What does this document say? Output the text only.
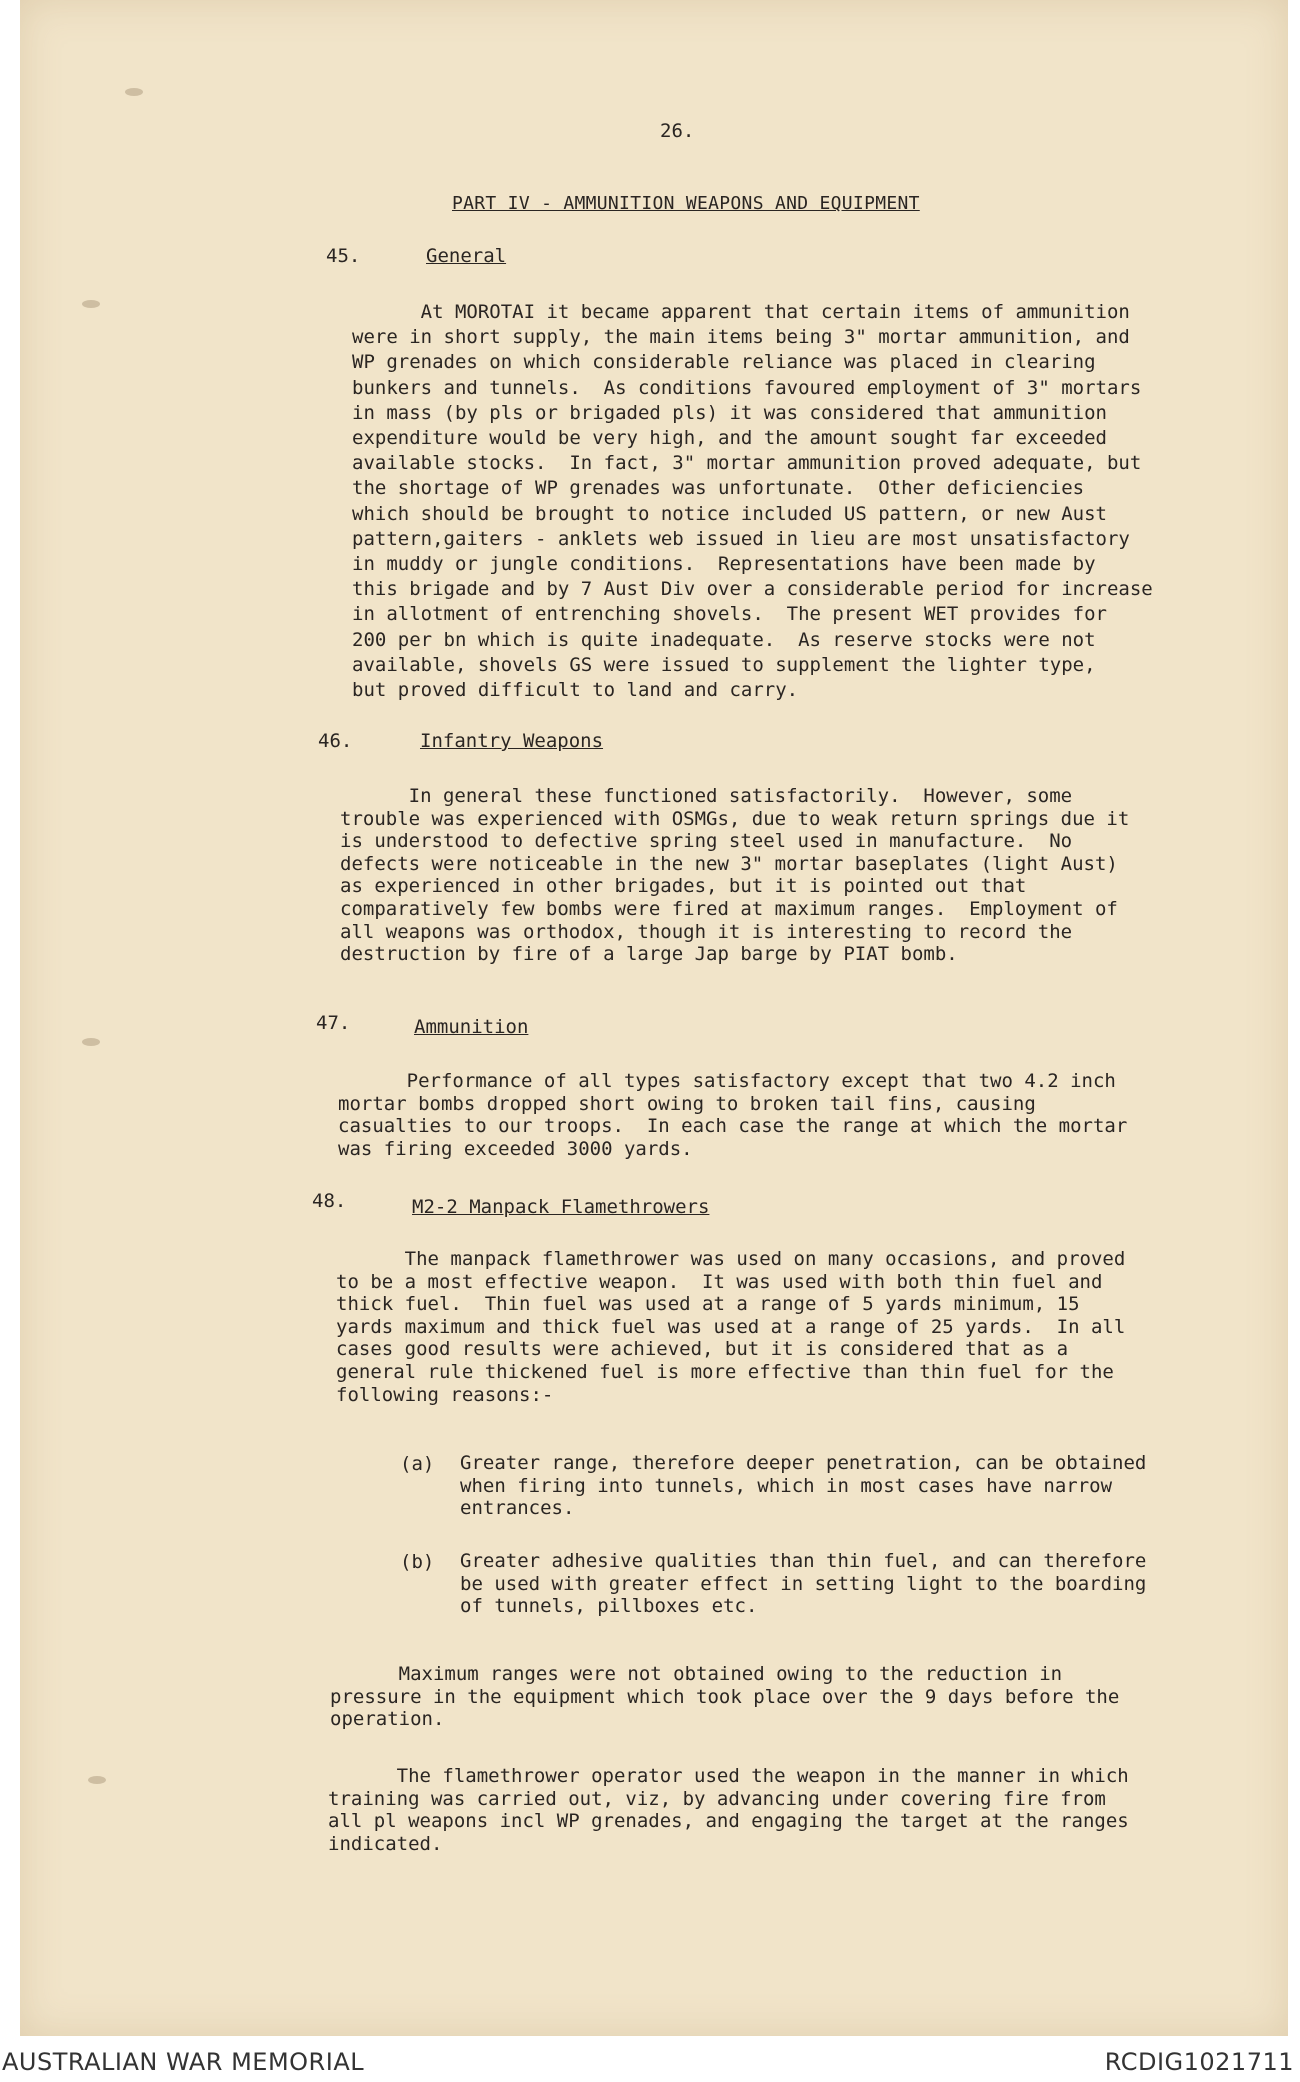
26.
PART IV - AMMUNITION WEAPONS AND EQUIPMENT
45.	General
At MOROTAI it became apparent that certain items of ammunition
were in short supply, the main items being 3" mortar ammunition, and
WP grenades on which considerable reliance was placed in clearing
bunkers and tunnels.  As conditions favoured employment of 3" mortars
in mass (by pls or brigaded pls) it was considered that ammunition
expenditure would be very high, and the amount sought far exceeded
available stocks.  In fact, 3" mortar ammunition proved adequate, but
the shortage of WP grenades was unfortunate.  Other deficiencies
which should be brought to notice included US pattern, or new Aust
pattern,gaiters - anklets web issued in lieu are most unsatisfactory
in muddy or jungle conditions.  Representations have been made by
this brigade and by 7 Aust Div over a considerable period for increase
in allotment of entrenching shovels.  The present WET provides for
200 per bn which is quite inadequate.  As reserve stocks were not
available, shovels GS were issued to supplement the lighter type,
but proved difficult to land and carry.
46.	Infantry Weapons
In general these functioned satisfactorily.  However, some
trouble was experienced with OSMGs, due to weak return springs due it
is understood to defective spring steel used in manufacture.  No
defects were noticeable in the new 3" mortar baseplates (light Aust)
as experienced in other brigades, but it is pointed out that
comparatively few bombs were fired at maximum ranges.  Employment of
all weapons was orthodox, though it is interesting to record the
destruction by fire of a large Jap barge by PIAT bomb.
47.	Ammunition
Performance of all types satisfactory except that two 4.2 inch
mortar bombs dropped short owing to broken tail fins, causing
casualties to our troops.  In each case the range at which the mortar
was firing exceeded 3000 yards.
48.	M2-2 Manpack Flamethrowers
The manpack flamethrower was used on many occasions, and proved
to be a most effective weapon.  It was used with both thin fuel and
thick fuel.  Thin fuel was used at a range of 5 yards minimum, 15
yards maximum and thick fuel was used at a range of 25 yards.  In all
cases good results were achieved, but it is considered that as a
general rule thickened fuel is more effective than thin fuel for the
following reasons:-
(a) Greater range, therefore deeper penetration, can be obtained
when firing into tunnels, which in most cases have narrow
entrances.
(b) Greater adhesive qualities than thin fuel, and can therefore
be used with greater effect in setting light to the boarding
of tunnels, pillboxes etc.
Maximum ranges were not obtained owing to the reduction in
pressure in the equipment which took place over the 9 days before the
operation.
The flamethrower operator used the weapon in the manner in which
training was carried out, viz, by advancing under covering fire from
all pl weapons incl WP grenades, and engaging the target at the ranges
indicated.
AUSTRALIAN WAR MEMORIAL	RCDIG1021711
